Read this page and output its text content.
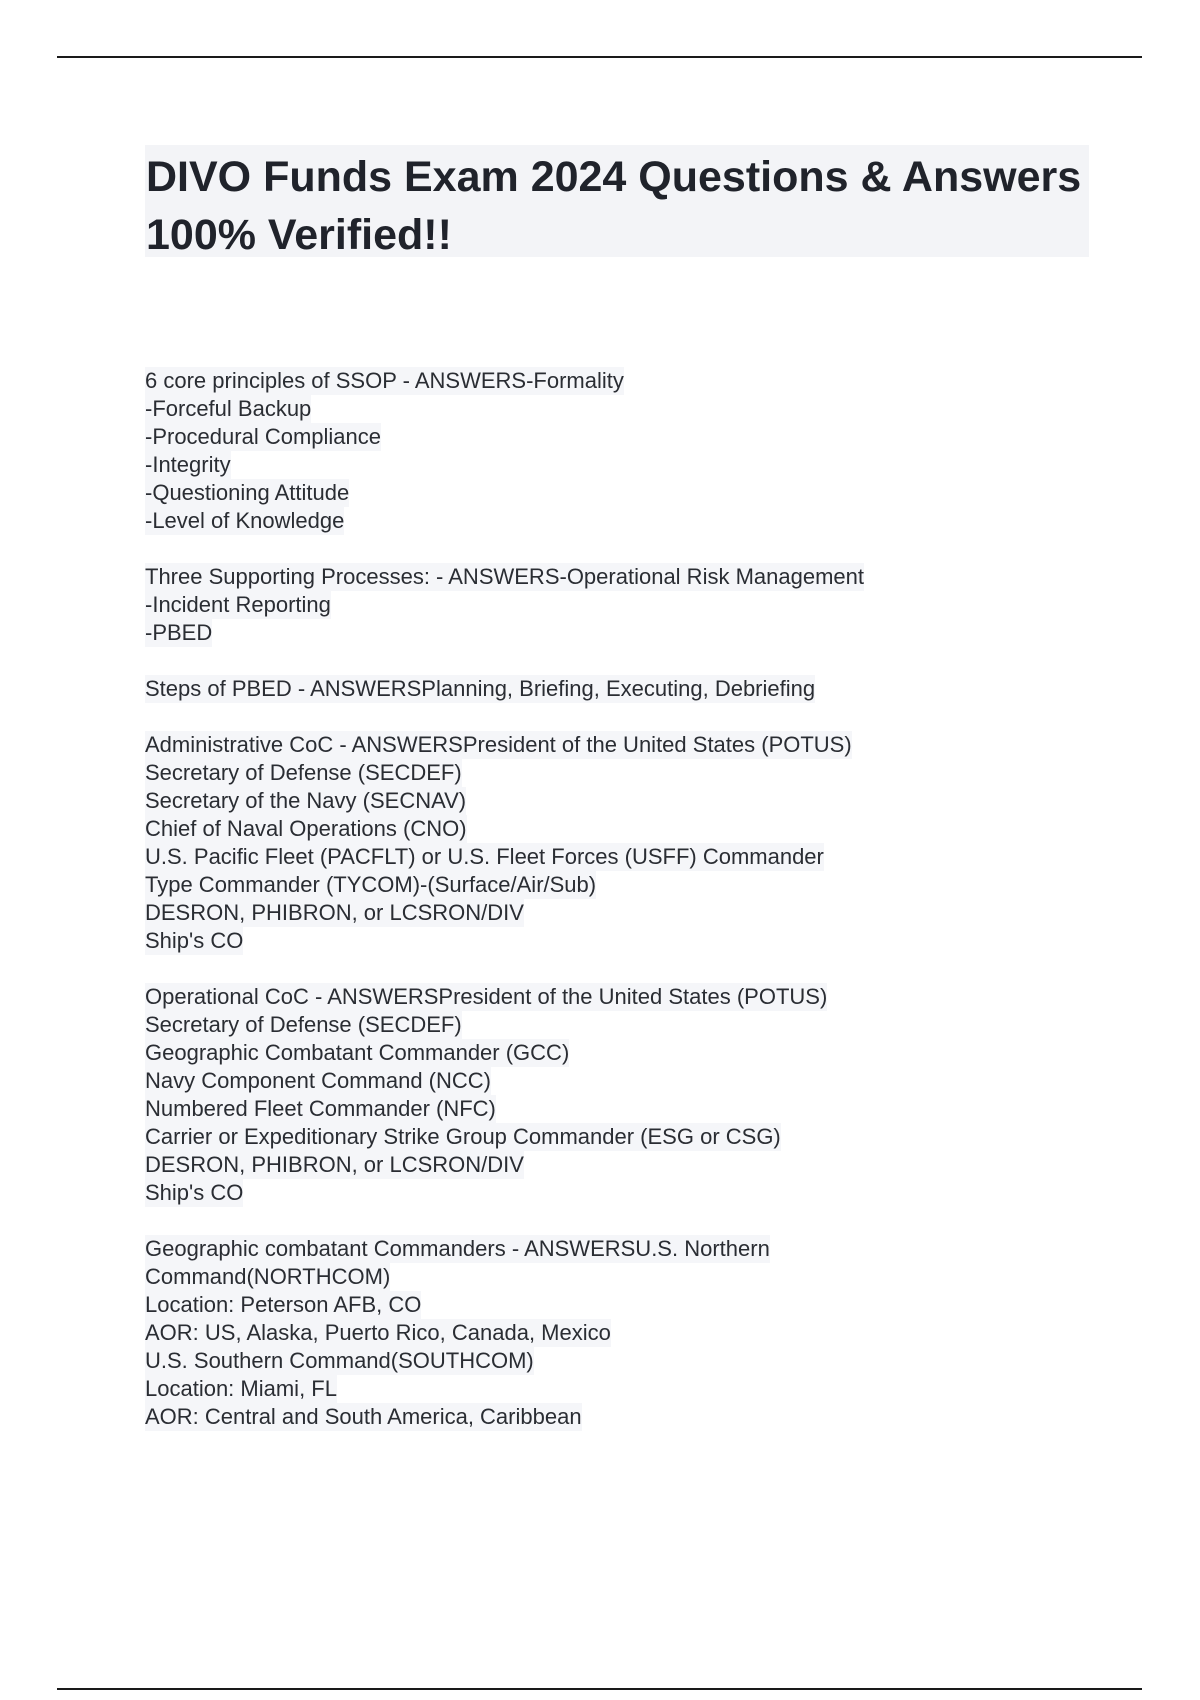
DIVO Funds Exam 2024 Questions & Answers 100% Verified!!
6 core principles of SSOP - ANSWERS-Formality
-Forceful Backup
-Procedural Compliance
-Integrity
-Questioning Attitude
-Level of Knowledge
Three Supporting Processes: - ANSWERS-Operational Risk Management
-Incident Reporting
-PBED
Steps of PBED - ANSWERSPlanning, Briefing, Executing, Debriefing
Administrative CoC - ANSWERSPresident of the United States (POTUS)
Secretary of Defense (SECDEF)
Secretary of the Navy (SECNAV)
Chief of Naval Operations (CNO)
U.S. Pacific Fleet (PACFLT) or U.S. Fleet Forces (USFF) Commander
Type Commander (TYCOM)-(Surface/Air/Sub)
DESRON, PHIBRON, or LCSRON/DIV
Ship's CO
Operational CoC - ANSWERSPresident of the United States (POTUS)
Secretary of Defense (SECDEF)
Geographic Combatant Commander (GCC)
Navy Component Command (NCC)
Numbered Fleet Commander (NFC)
Carrier or Expeditionary Strike Group Commander (ESG or CSG)
DESRON, PHIBRON, or LCSRON/DIV
Ship's CO
Geographic combatant Commanders - ANSWERSU.S. Northern
Command(NORTHCOM)
Location: Peterson AFB, CO
AOR: US, Alaska, Puerto Rico, Canada, Mexico
U.S. Southern Command(SOUTHCOM)
Location: Miami, FL
AOR: Central and South America, Caribbean
